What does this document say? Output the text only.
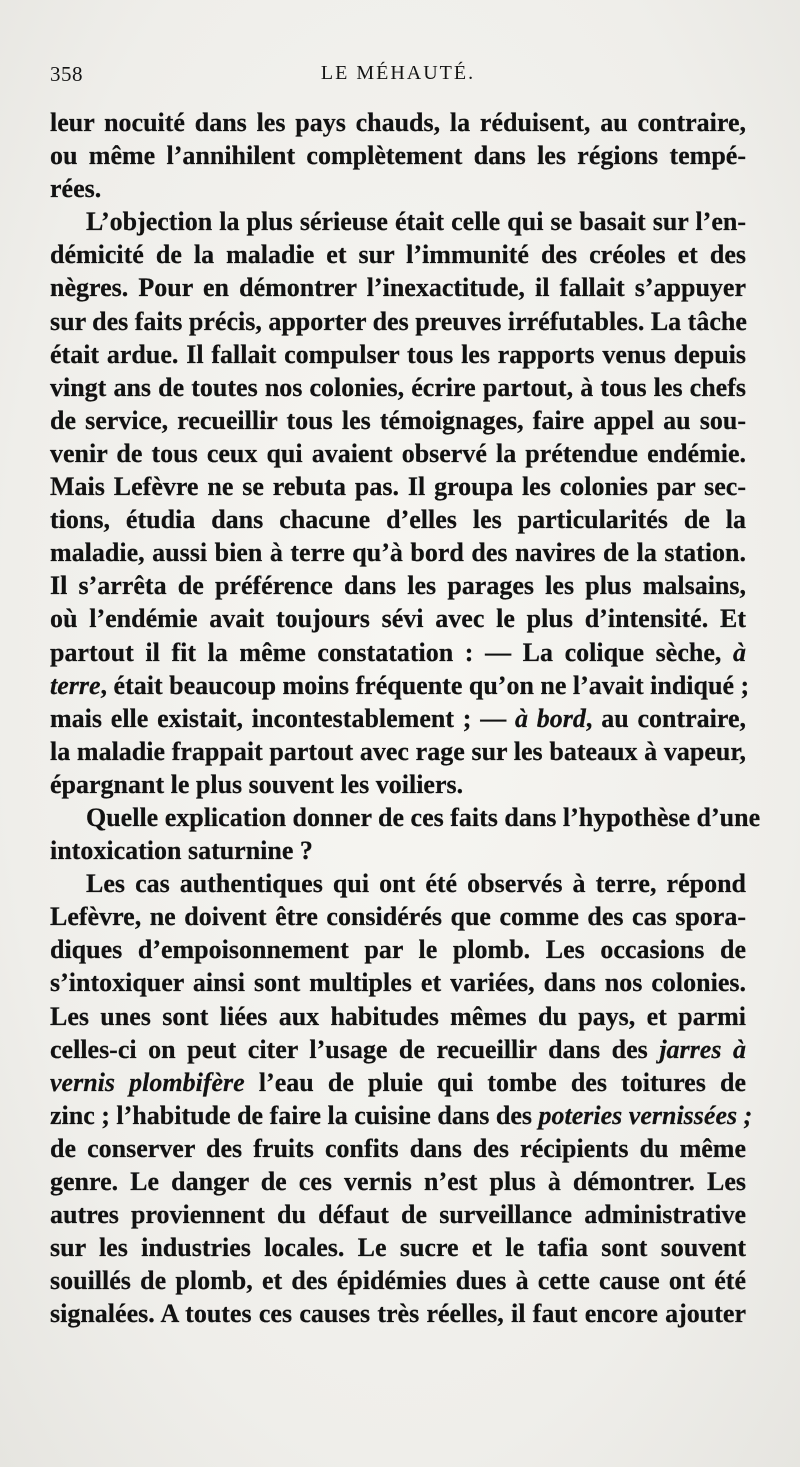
358	LE MÉHAUTÉ.
leur nocuité dans les pays chauds, la réduisent, au contraire,
ou même l’annihilent complètement dans les régions tempé-
rées.
L’objection la plus sérieuse était celle qui se basait sur l’en-
démicité de la maladie et sur l’immunité des créoles et des
nègres. Pour en démontrer l’inexactitude, il fallait s’appuyer
sur des faits précis, apporter des preuves irréfutables. La tâche
était ardue. Il fallait compulser tous les rapports venus depuis
vingt ans de toutes nos colonies, écrire partout, à tous les chefs
de service, recueillir tous les témoignages, faire appel au sou-
venir de tous ceux qui avaient observé la prétendue endémie.
Mais Lefèvre ne se rebuta pas. Il groupa les colonies par sec-
tions, étudia dans chacune d’elles les particularités de la
maladie, aussi bien à terre qu’à bord des navires de la station.
Il s’arrêta de préférence dans les parages les plus malsains,
où l’endémie avait toujours sévi avec le plus d’intensité. Et
partout il fit la même constatation : — La colique sèche, à
terre, était beaucoup moins fréquente qu’on ne l’avait indiqué ;
mais elle existait, incontestablement ; — à bord, au contraire,
la maladie frappait partout avec rage sur les bateaux à vapeur,
épargnant le plus souvent les voiliers.
Quelle explication donner de ces faits dans l’hypothèse d’une
intoxication saturnine ?
Les cas authentiques qui ont été observés à terre, répond
Lefèvre, ne doivent être considérés que comme des cas spora-
diques d’empoisonnement par le plomb. Les occasions de
s’intoxiquer ainsi sont multiples et variées, dans nos colonies.
Les unes sont liées aux habitudes mêmes du pays, et parmi
celles-ci on peut citer l’usage de recueillir dans des jarres à
vernis plombifère l’eau de pluie qui tombe des toitures de
zinc ; l’habitude de faire la cuisine dans des poteries vernissées ;
de conserver des fruits confits dans des récipients du même
genre. Le danger de ces vernis n’est plus à démontrer. Les
autres proviennent du défaut de surveillance administrative
sur les industries locales. Le sucre et le tafia sont souvent
souillés de plomb, et des épidémies dues à cette cause ont été
signalées. A toutes ces causes très réelles, il faut encore ajouter
